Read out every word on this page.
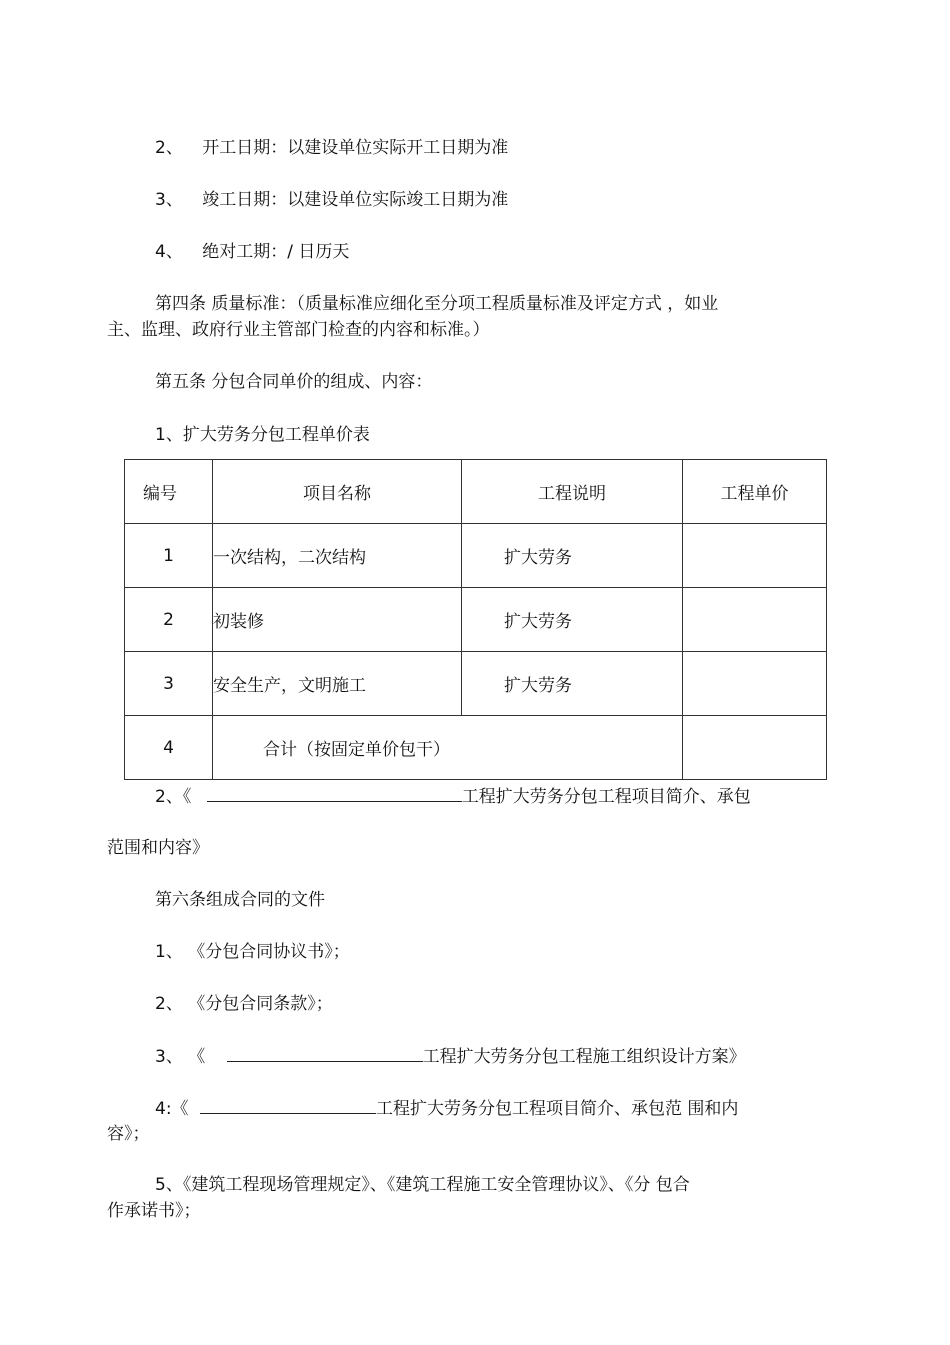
2、 开工日期：以建设单位实际开工日期为准
3、 竣工日期：以建设单位实际竣工日期为准
4、 绝对工期：/ 日历天
第四条 质量标准：（质量标准应细化至分项工程质量标准及评定方式 ，如业
主、监理、政府行业主管部门检查的内容和标准。）
第五条 分包合同单价的组成、内容：
1、扩大劳务分包工程单价表
编号	项目名称	工程说明	工程单价
1	一次结构，二次结构	扩大劳务	
2	初装修	扩大劳务	
3	安全生产，文明施工	扩大劳务	
4	合计（按固定单价包干）		
2、《	工程扩大劳务分包工程项目简介、承包
范围和内容》
第六条组成合同的文件
1、 《分包合同协议书》；
2、 《分包合同条款》；
3、 《	工程扩大劳务分包工程施工组织设计方案》
4:《	工程扩大劳务分包工程项目简介、承包范 围和内
容》；
5、《建筑工程现场管理规定》、《建筑工程施工安全管理协议》、《分 包合
作承诺书》；
